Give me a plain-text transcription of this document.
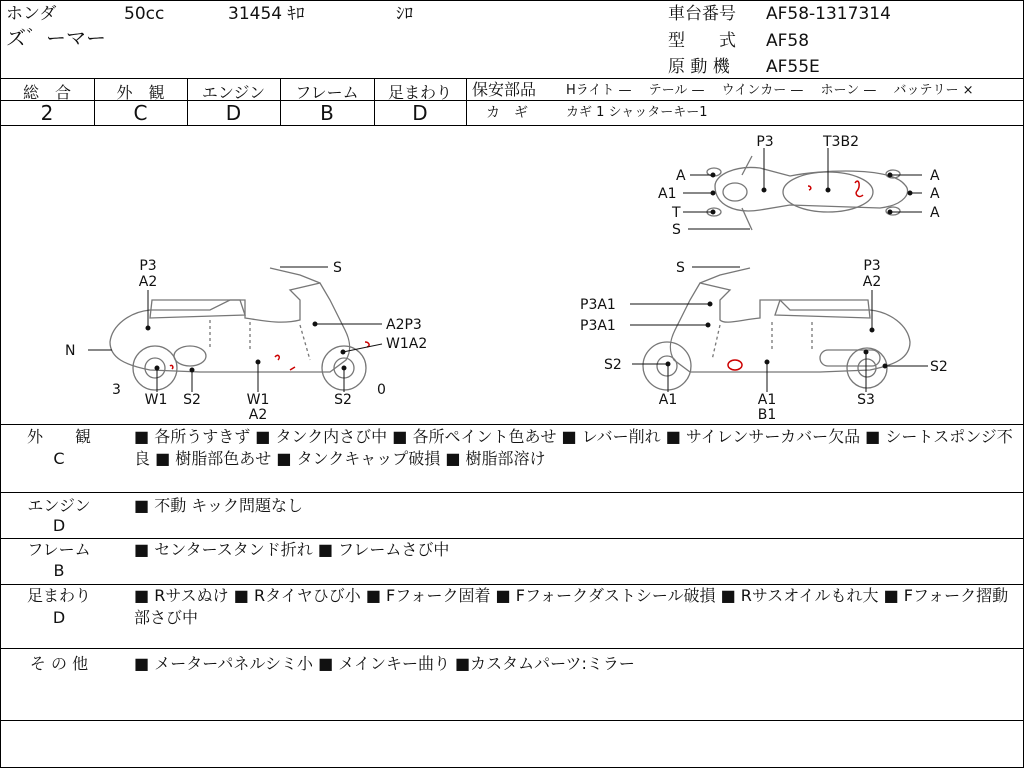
ホンダ	50cc	31454 ｷﾛ	ｼﾛ
ズ゛ーマー
車台番号 AF58-1317314
型　　式 AF58
原 動 機 AF55E
総　合
2
外　観
C
エンジン
D
フレーム
B
足まわり
D
保安部品 Hライト —　 テール —　 ウインカー —　 ホーン —　 バッテリー ×
カ　ギ	カギ 1 シャッターキー1
P3	T3B2
A
A1
T
S
A
A
A
P3
A2
S
N
A2P3
W1A2
3
W1 S2	W1
A2
S2
0
S	P3
A2
P3A1
P3A1
S2	S2
A1	A1
B1
S3
外　　観
C
■ 各所うすきず ■ タンク内さび中 ■ 各所ペイント色あせ ■ レバー削れ ■ サイレンサーカバー欠品 ■ シートスポンジ不良 ■ 樹脂部色あせ ■ タンクキャップ破損 ■ 樹脂部溶け
エンジン
D
■ 不動 キック問題なし
フレーム
B
■ センタースタンド折れ ■ フレームさび中
足まわり
D
■ Rサスぬけ ■ Rタイヤひび小 ■ Fフォーク固着 ■ Fフォークダストシール破損 ■ Rサスオイルもれ大 ■ Fフォーク摺動部さび中
そ の 他	■ メーターパネルシミ小 ■ メインキー曲り ■カスタムパーツ:ミラー
